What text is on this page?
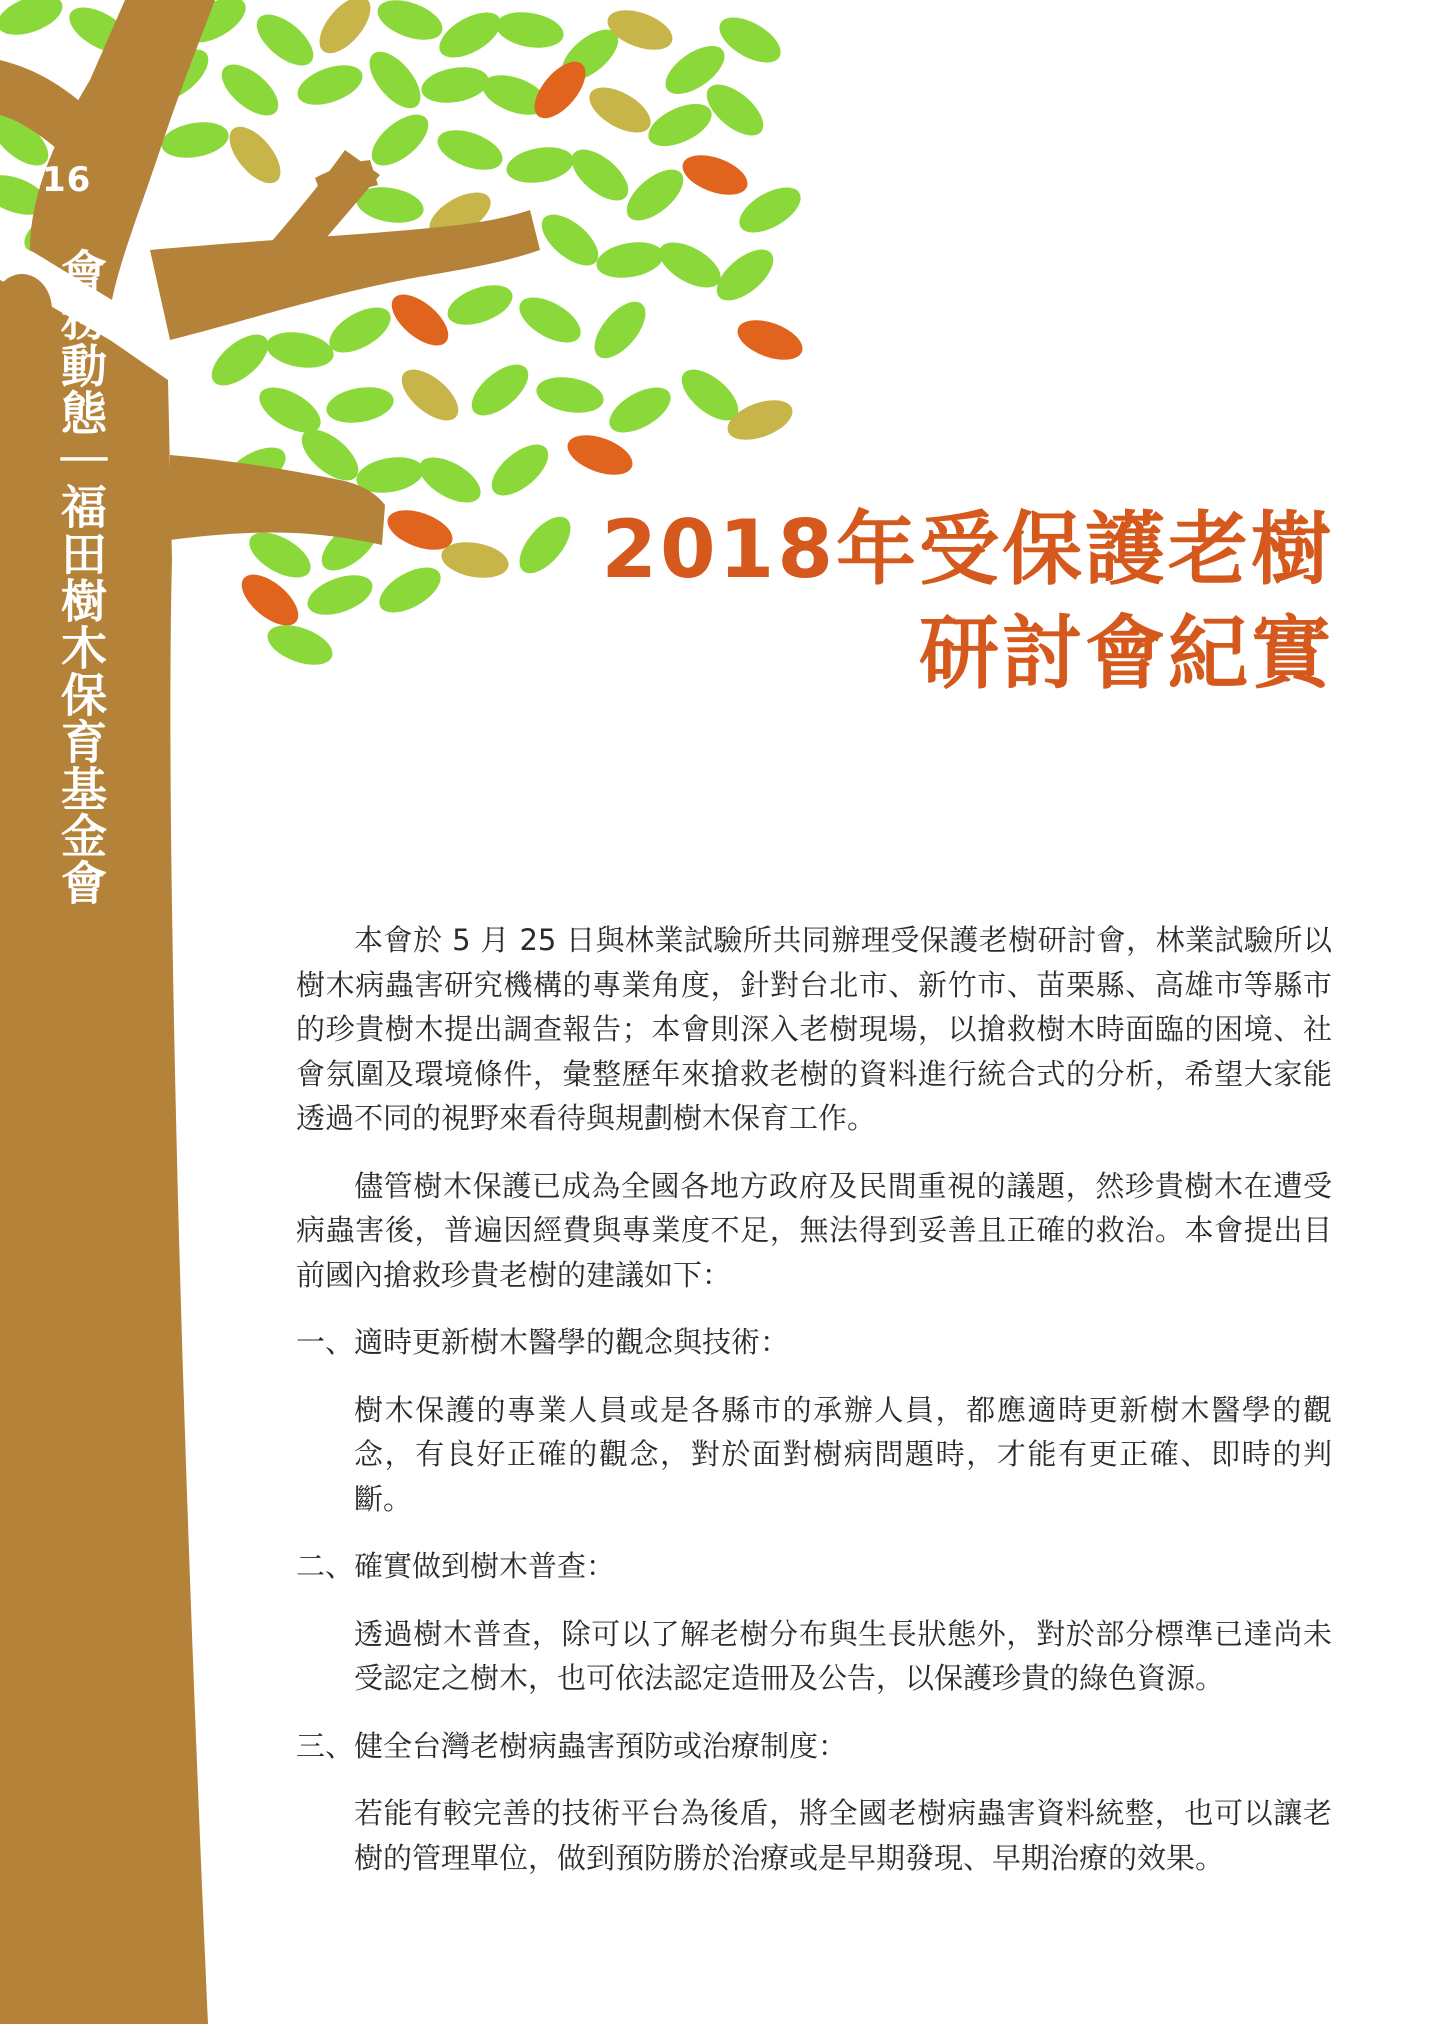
16
會務動態｜福田樹木保育基金會	2018年受保護老樹
研討會紀實

本會於 5 月 25 日與林業試驗所共同辦理受保護老樹研討會，林業試驗所以樹木病蟲害研究機構的專業角度，針對台北市、新竹市、苗栗縣、高雄市等縣市的珍貴樹木提出調查報告；本會則深入老樹現場，以搶救樹木時面臨的困境、社會氛圍及環境條件，彙整歷年來搶救老樹的資料進行統合式的分析，希望大家能透過不同的視野來看待與規劃樹木保育工作。

儘管樹木保護已成為全國各地方政府及民間重視的議題，然珍貴樹木在遭受病蟲害後，普遍因經費與專業度不足，無法得到妥善且正確的救治。本會提出目前國內搶救珍貴老樹的建議如下：

一、適時更新樹木醫學的觀念與技術：

樹木保護的專業人員或是各縣市的承辦人員，都應適時更新樹木醫學的觀念，有良好正確的觀念，對於面對樹病問題時，才能有更正確、即時的判斷。

二、確實做到樹木普查：

透過樹木普查，除可以了解老樹分布與生長狀態外，對於部分標準已達尚未受認定之樹木，也可依法認定造冊及公告，以保護珍貴的綠色資源。

三、健全台灣老樹病蟲害預防或治療制度：

若能有較完善的技術平台為後盾，將全國老樹病蟲害資料統整，也可以讓老樹的管理單位，做到預防勝於治療或是早期發現、早期治療的效果。
